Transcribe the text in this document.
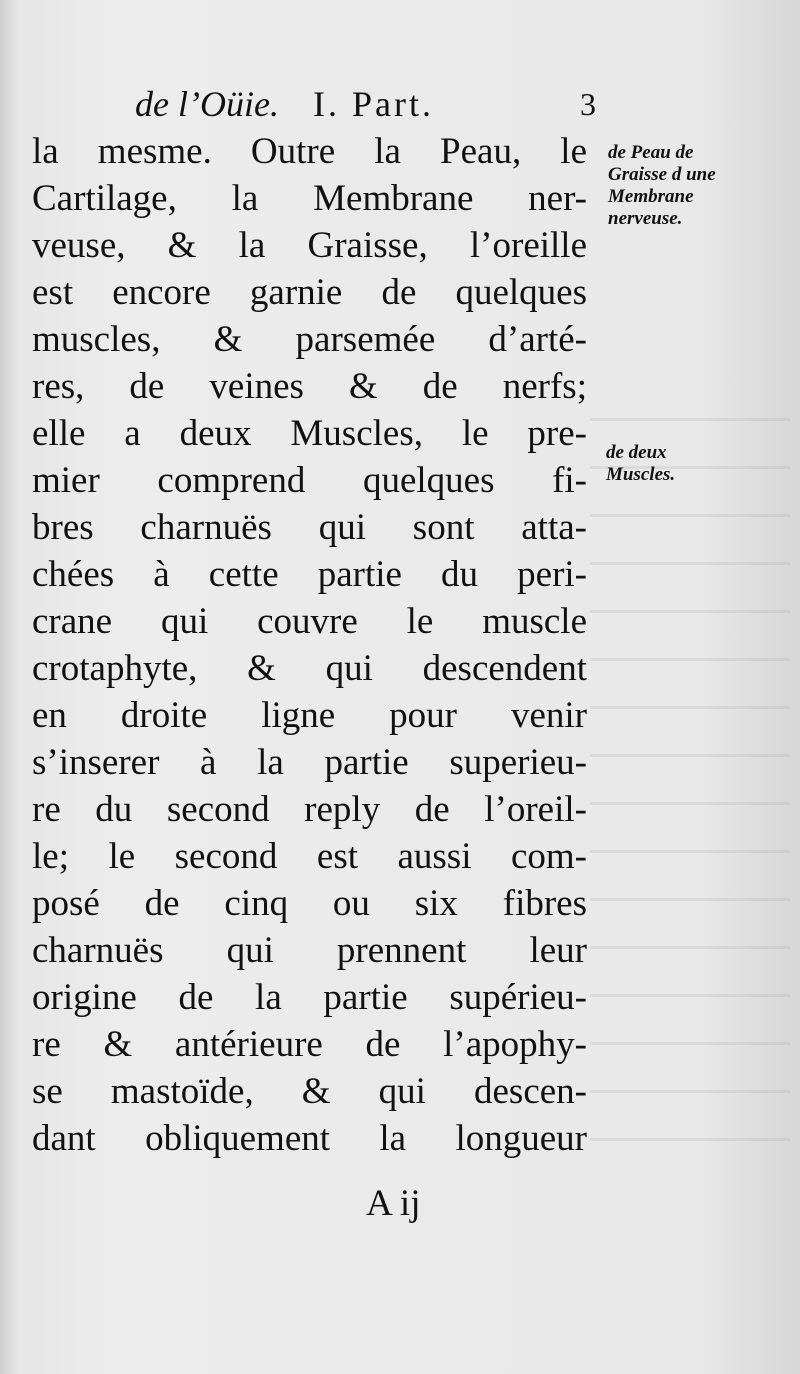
de l’Oüie. I. Part.	3
la mesme. Outre la Peau, le
Cartilage, la Membrane ner-
veuse, & la Graisse, l’oreille
est encore garnie de quelques
muscles, & parsemée d’arté-
res, de veines & de nerfs;
elle a deux Muscles, le pre-
mier comprend quelques fi-
bres charnuës qui sont atta-
chées à cette partie du peri-
crane qui couvre le muscle
crotaphyte, & qui descendent
en droite ligne pour venir
s’inserer à la partie superieu-
re du second reply de l’oreil-
le; le second est aussi com-
posé de cinq ou six fibres
charnuës qui prennent leur
origine de la partie supérieu-
re & antérieure de l’apophy-
se mastoïde, & qui descen-
dant obliquement la longueur
de Peau de
Graisse d une
Membrane
nerveuse.
de deux
Muscles.
A ij
